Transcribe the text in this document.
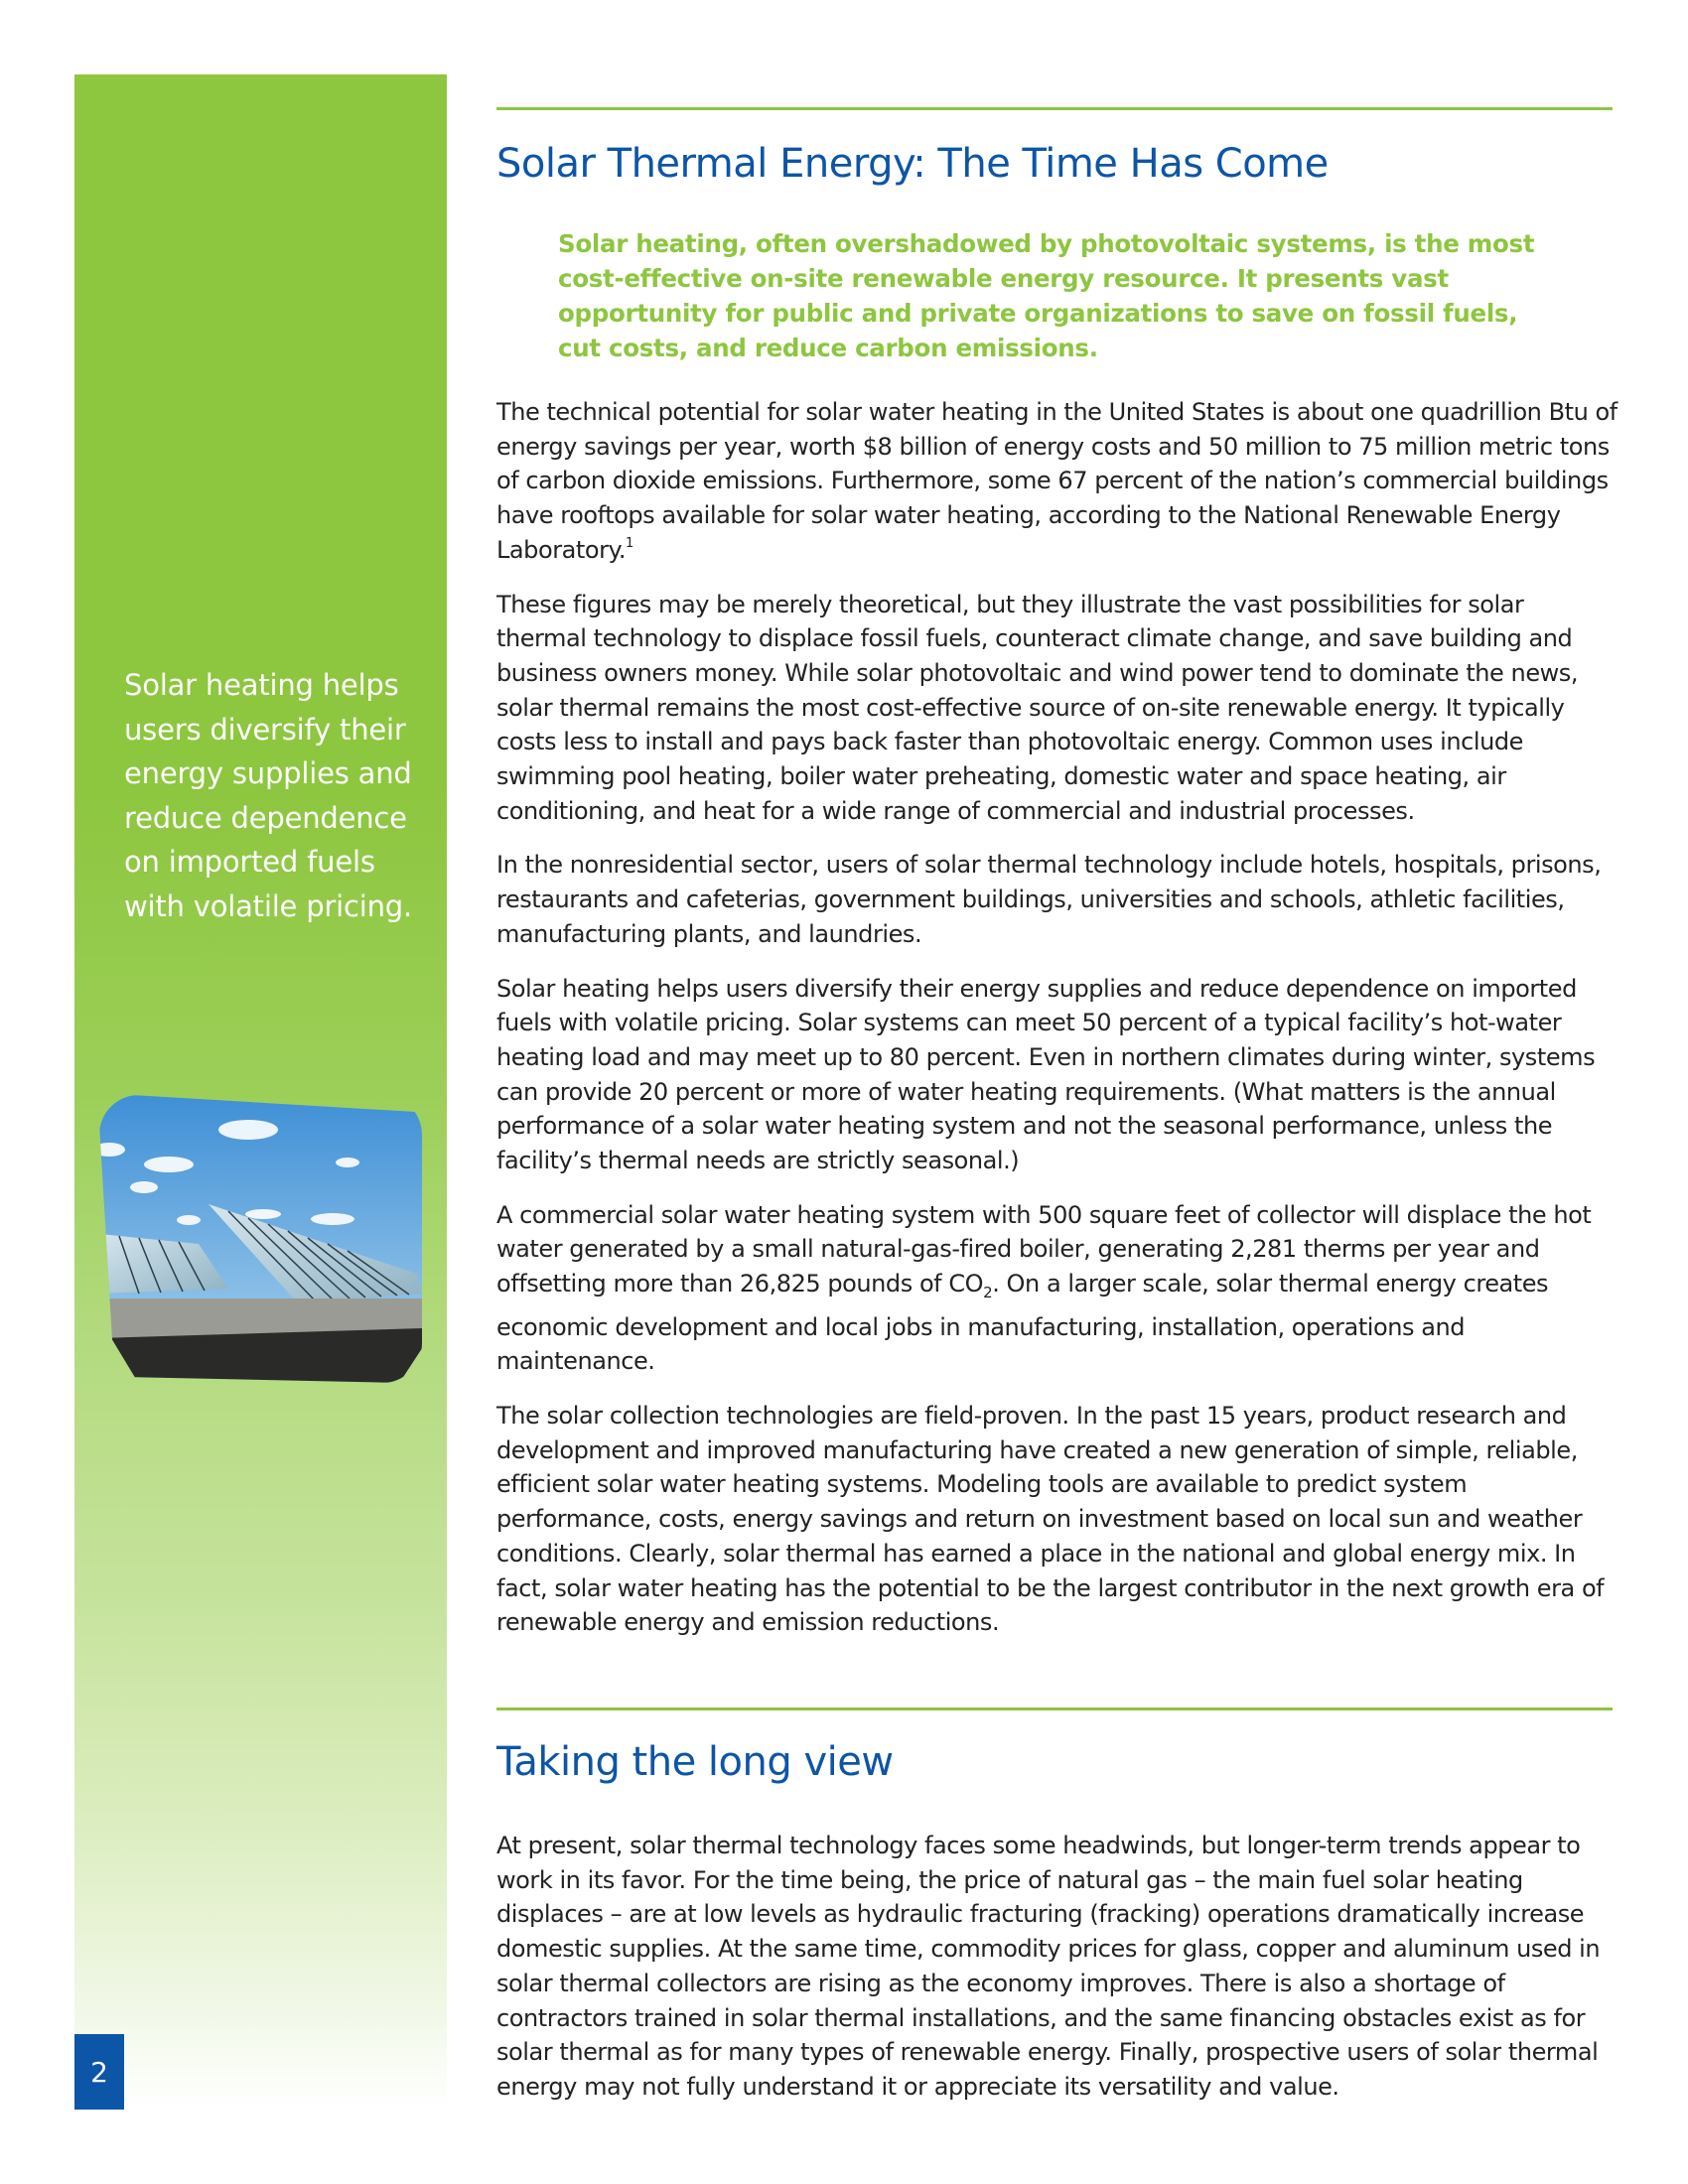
Solar heating helps users diversify their energy supplies and reduce dependence on imported fuels with volatile pricing.
2
Solar Thermal Energy: The Time Has Come

Solar heating, often overshadowed by photovoltaic systems, is the most cost-effective on-site renewable energy resource. It presents vast opportunity for public and private organizations to save on fossil fuels, cut costs, and reduce carbon emissions.

The technical potential for solar water heating in the United States is about one quadrillion Btu of energy savings per year, worth $8 billion of energy costs and 50 million to 75 million metric tons of carbon dioxide emissions. Furthermore, some 67 percent of the nation’s commercial buildings have rooftops available for solar water heating, according to the National Renewable Energy Laboratory.$^1$

These figures may be merely theoretical, but they illustrate the vast possibilities for solar thermal technology to displace fossil fuels, counteract climate change, and save building and business owners money. While solar photovoltaic and wind power tend to dominate the news, solar thermal remains the most cost-effective source of on-site renewable energy. It typically costs less to install and pays back faster than photovoltaic energy. Common uses include swimming pool heating, boiler water preheating, domestic water and space heating, air conditioning, and heat for a wide range of commercial and industrial processes.

In the nonresidential sector, users of solar thermal technology include hotels, hospitals, prisons, restaurants and cafeterias, government buildings, universities and schools, athletic facilities, manufacturing plants, and laundries.

Solar heating helps users diversify their energy supplies and reduce dependence on imported fuels with volatile pricing. Solar systems can meet 50 percent of a typical facility’s hot-water heating load and may meet up to 80 percent. Even in northern climates during winter, systems can provide 20 percent or more of water heating requirements. (What matters is the annual performance of a solar water heating system and not the seasonal performance, unless the facility’s thermal needs are strictly seasonal.)

A commercial solar water heating system with 500 square feet of collector will displace the hot water generated by a small natural-gas-fired boiler, generating 2,281 therms per year and offsetting more than 26,825 pounds of $CO_2$. On a larger scale, solar thermal energy creates economic development and local jobs in manufacturing, installation, operations and maintenance.

The solar collection technologies are field-proven. In the past 15 years, product research and development and improved manufacturing have created a new generation of simple, reliable, efficient solar water heating systems. Modeling tools are available to predict system performance, costs, energy savings and return on investment based on local sun and weather conditions. Clearly, solar thermal has earned a place in the national and global energy mix. In fact, solar water heating has the potential to be the largest contributor in the next growth era of renewable energy and emission reductions.

Taking the long view

At present, solar thermal technology faces some headwinds, but longer-term trends appear to work in its favor. For the time being, the price of natural gas – the main fuel solar heating displaces – are at low levels as hydraulic fracturing (fracking) operations dramatically increase domestic supplies. At the same time, commodity prices for glass, copper and aluminum used in solar thermal collectors are rising as the economy improves. There is also a shortage of contractors trained in solar thermal installations, and the same financing obstacles exist as for solar thermal as for many types of renewable energy. Finally, prospective users of solar thermal energy may not fully understand it or appreciate its versatility and value.
